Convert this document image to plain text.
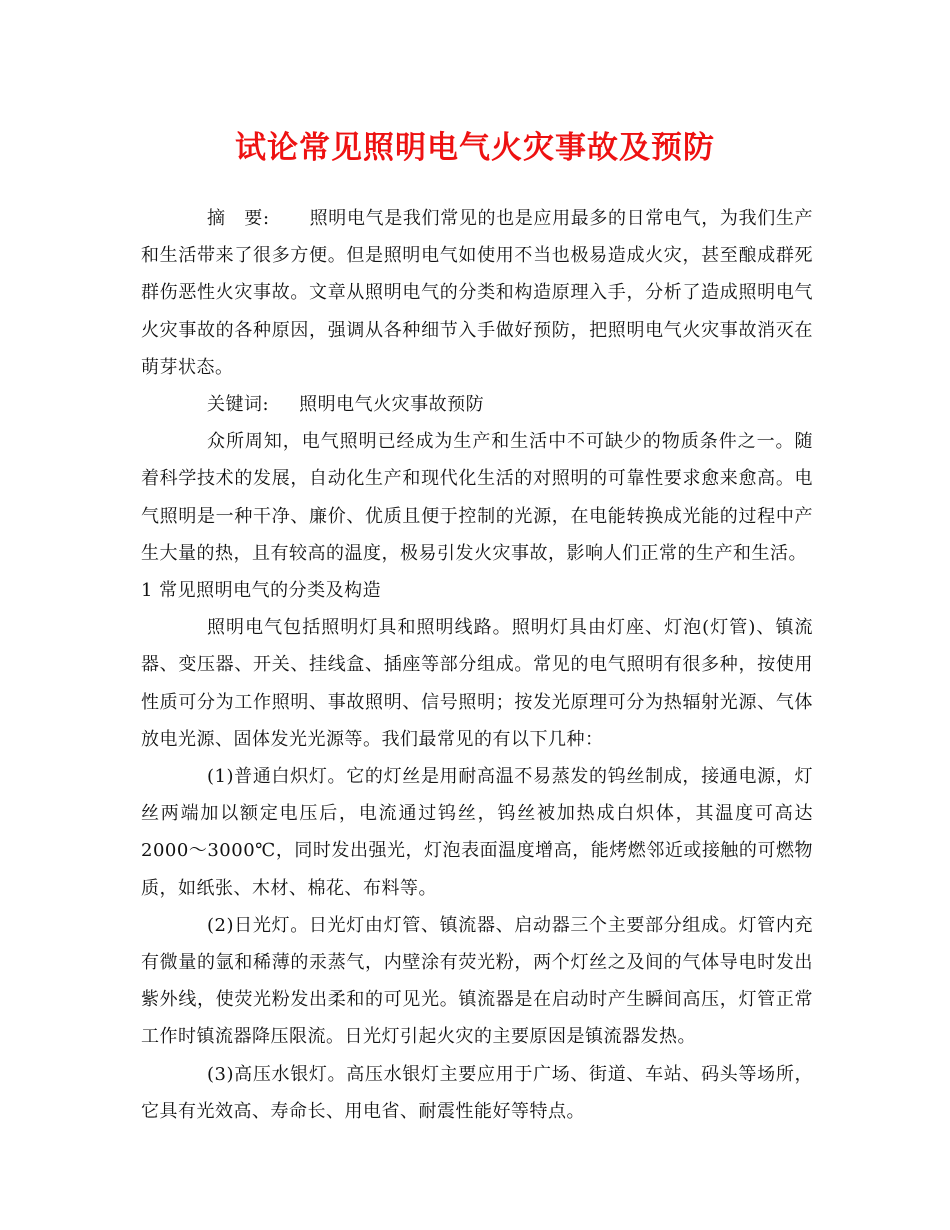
试论常见照明电气火灾事故及预防

摘　要: 照明电气是我们常见的也是应用最多的日常电气，为我们生产和生活带来了很多方便。但是照明电气如使用不当也极易造成火灾，甚至酿成群死群伤恶性火灾事故。文章从照明电气的分类和构造原理入手，分析了造成照明电气火灾事故的各种原因，强调从各种细节入手做好预防，把照明电气火灾事故消灭在萌芽状态。

关键词: 照明电气火灾事故预防

众所周知，电气照明已经成为生产和生活中不可缺少的物质条件之一。随着科学技术的发展，自动化生产和现代化生活的对照明的可靠性要求愈来愈高。电气照明是一种干净、廉价、优质且便于控制的光源，在电能转换成光能的过程中产生大量的热，且有较高的温度，极易引发火灾事故，影响人们正常的生产和生活。

1 常见照明电气的分类及构造

照明电气包括照明灯具和照明线路。照明灯具由灯座、灯泡(灯管)、镇流器、变压器、开关、挂线盒、插座等部分组成。常见的电气照明有很多种，按使用性质可分为工作照明、事故照明、信号照明；按发光原理可分为热辐射光源、气体放电光源、固体发光光源等。我们最常见的有以下几种：

(1)普通白炽灯。它的灯丝是用耐高温不易蒸发的钨丝制成，接通电源，灯丝两端加以额定电压后，电流通过钨丝，钨丝被加热成白炽体，其温度可高达2000～3000℃，同时发出强光，灯泡表面温度增高，能烤燃邻近或接触的可燃物质，如纸张、木材、棉花、布料等。

(2)日光灯。日光灯由灯管、镇流器、启动器三个主要部分组成。灯管内充有微量的氩和稀薄的汞蒸气，内壁涂有荧光粉，两个灯丝之及间的气体导电时发出紫外线，使荧光粉发出柔和的可见光。镇流器是在启动时产生瞬间高压，灯管正常工作时镇流器降压限流。日光灯引起火灾的主要原因是镇流器发热。

(3)高压水银灯。高压水银灯主要应用于广场、街道、车站、码头等场所，它具有光效高、寿命长、用电省、耐震性能好等特点。
